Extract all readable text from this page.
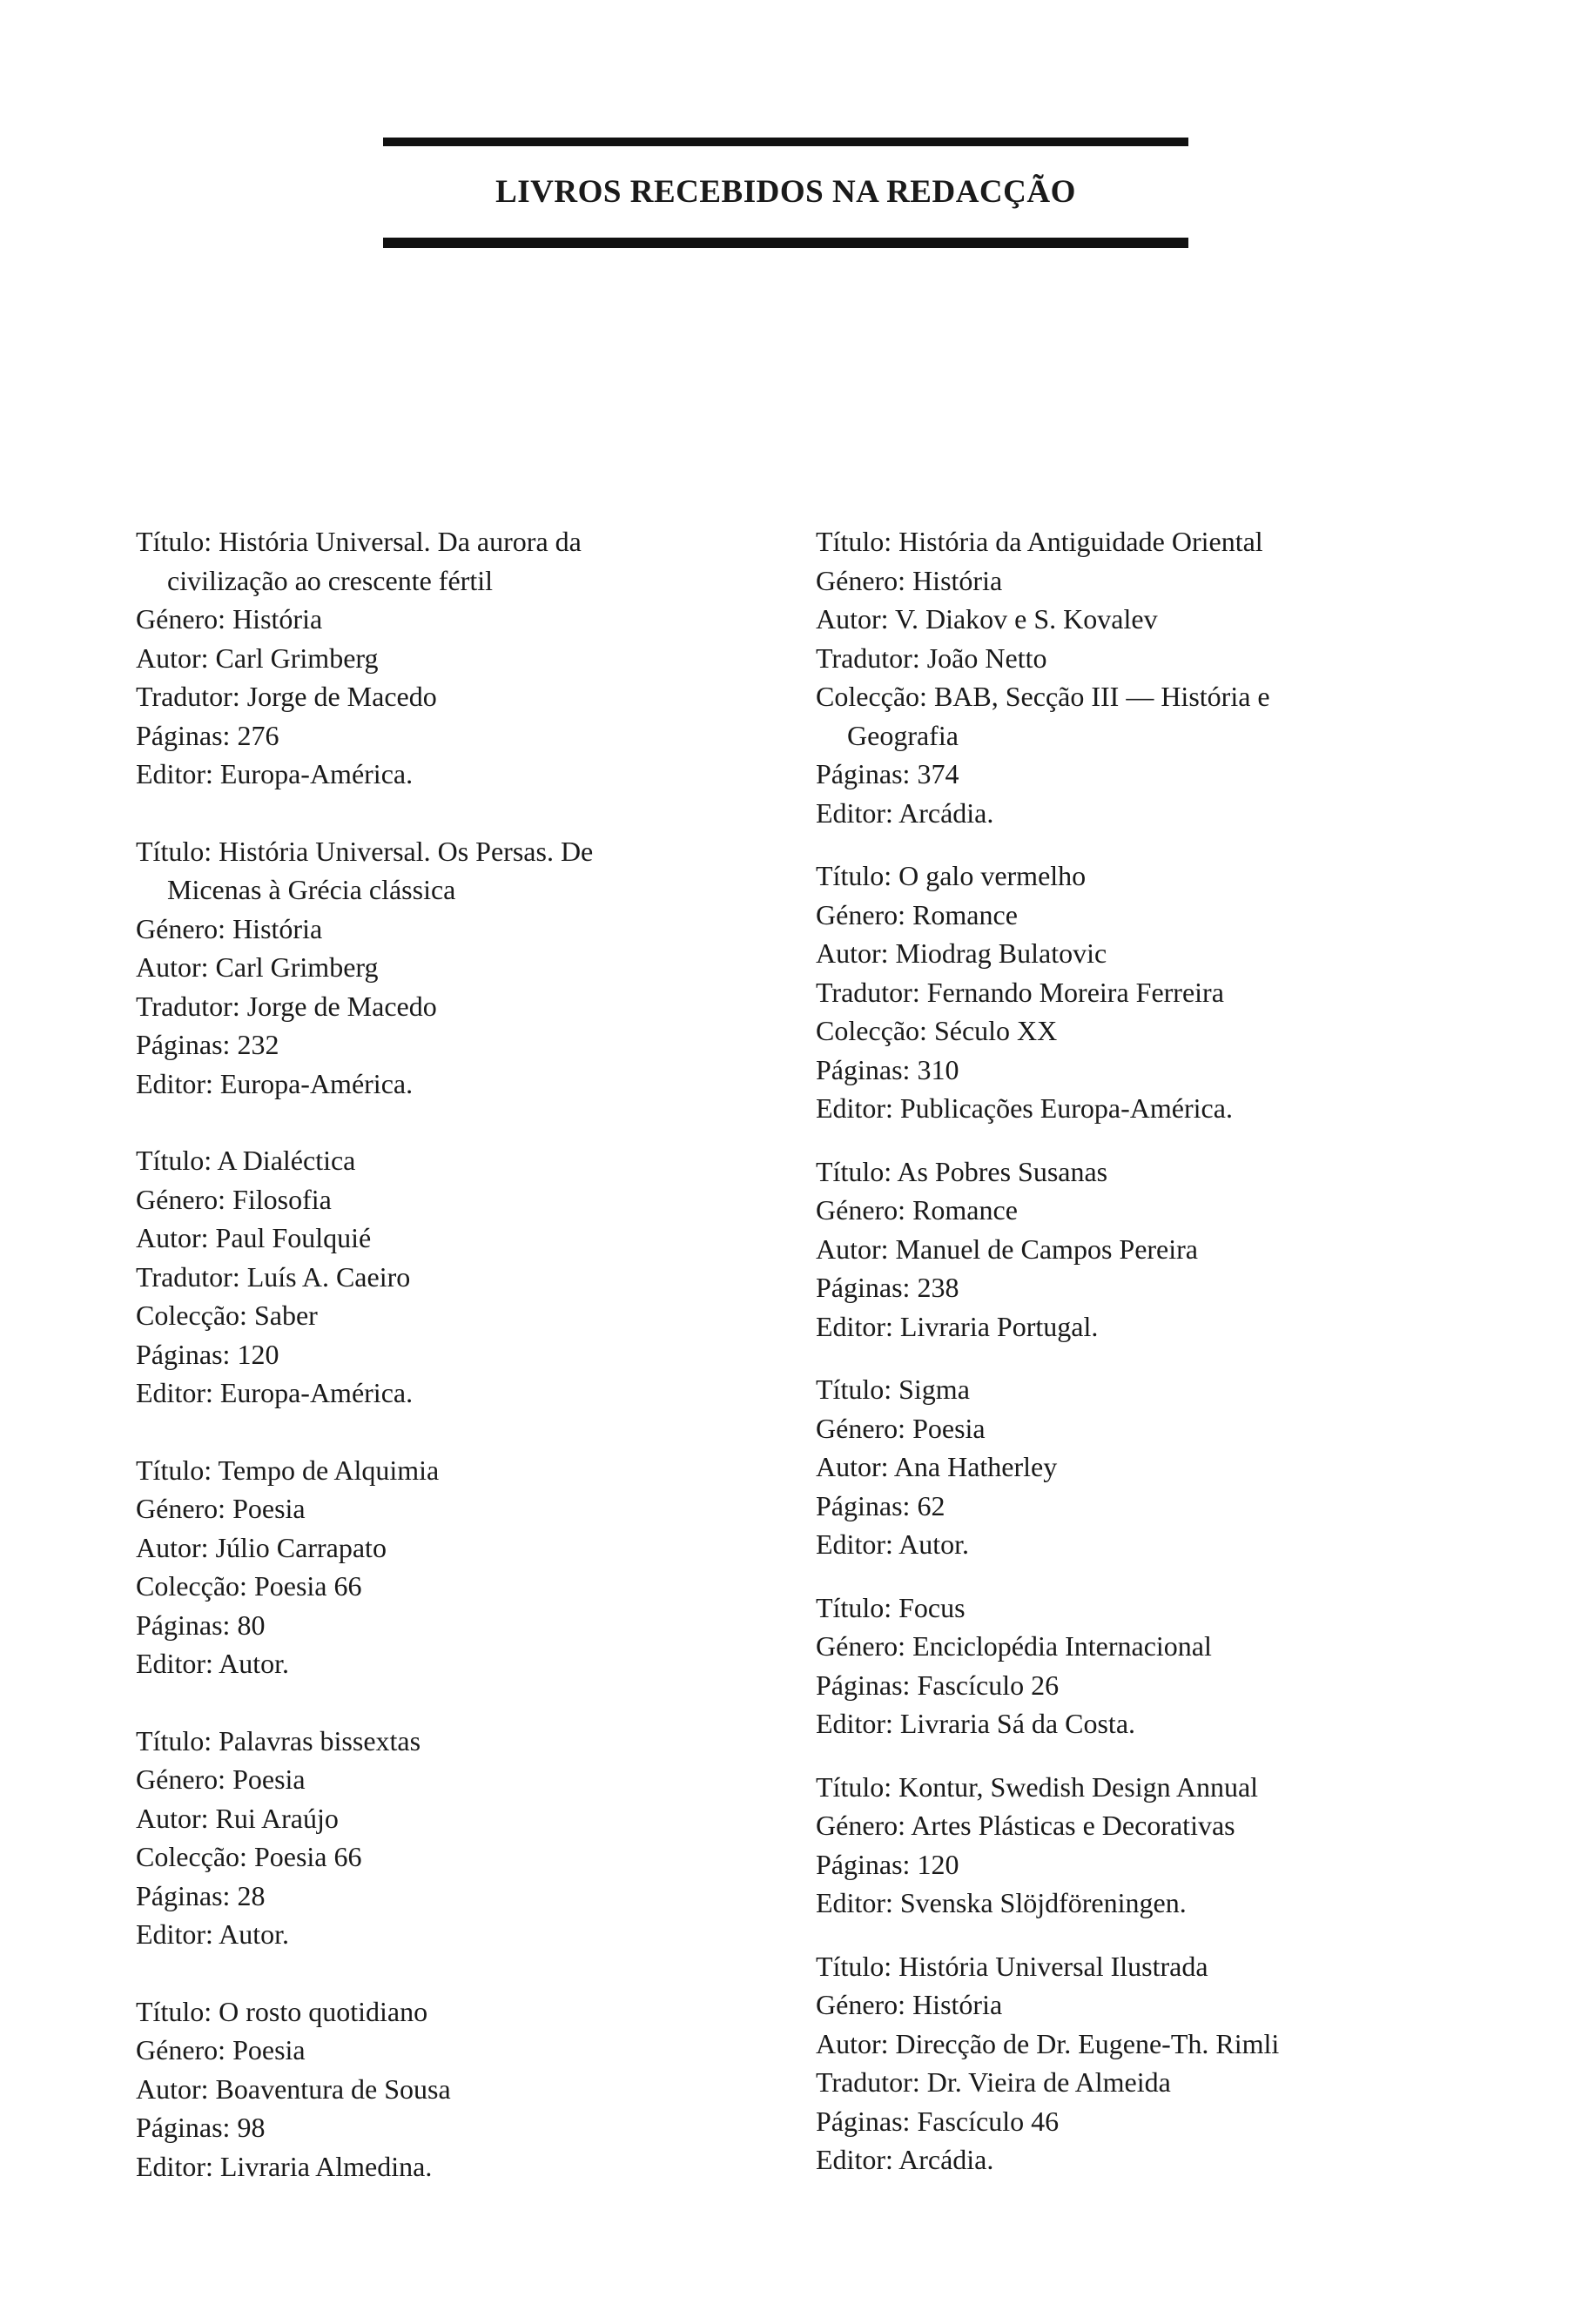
LIVROS RECEBIDOS NA REDACÇÃO
Título: História Universal. Da aurora da
civilização ao crescente fértil
Género: História
Autor: Carl Grimberg
Tradutor: Jorge de Macedo
Páginas: 276
Editor: Europa-América.
Título: História Universal. Os Persas. De
Micenas à Grécia clássica
Género: História
Autor: Carl Grimberg
Tradutor: Jorge de Macedo
Páginas: 232
Editor: Europa-América.
Título: A Dialéctica
Género: Filosofia
Autor: Paul Foulquié
Tradutor: Luís A. Caeiro
Colecção: Saber
Páginas: 120
Editor: Europa-América.
Título: Tempo de Alquimia
Género: Poesia
Autor: Júlio Carrapato
Colecção: Poesia 66
Páginas: 80
Editor: Autor.
Título: Palavras bissextas
Género: Poesia
Autor: Rui Araújo
Colecção: Poesia 66
Páginas: 28
Editor: Autor.
Título: O rosto quotidiano
Género: Poesia
Autor: Boaventura de Sousa
Páginas: 98
Editor: Livraria Almedina.
Título: História da Antiguidade Oriental
Género: História
Autor: V. Diakov e S. Kovalev
Tradutor: João Netto
Colecção: BAB, Secção III — História e
Geografia
Páginas: 374
Editor: Arcádia.
Título: O galo vermelho
Género: Romance
Autor: Miodrag Bulatovic
Tradutor: Fernando Moreira Ferreira
Colecção: Século XX
Páginas: 310
Editor: Publicações Europa-América.
Título: As Pobres Susanas
Género: Romance
Autor: Manuel de Campos Pereira
Páginas: 238
Editor: Livraria Portugal.
Título: Sigma
Género: Poesia
Autor: Ana Hatherley
Páginas: 62
Editor: Autor.
Título: Focus
Género: Enciclopédia Internacional
Páginas: Fascículo 26
Editor: Livraria Sá da Costa.
Título: Kontur, Swedish Design Annual
Género: Artes Plásticas e Decorativas
Páginas: 120
Editor: Svenska Slöjdföreningen.
Título: História Universal Ilustrada
Género: História
Autor: Direcção de Dr. Eugene-Th. Rimli
Tradutor: Dr. Vieira de Almeida
Páginas: Fascículo 46
Editor: Arcádia.
